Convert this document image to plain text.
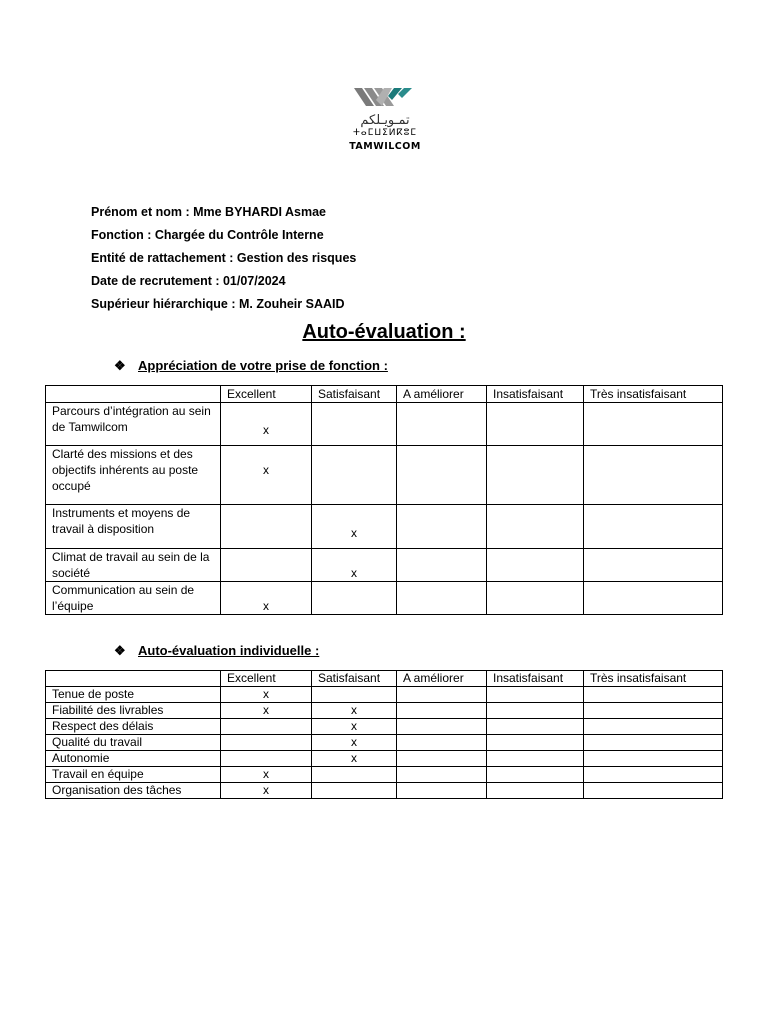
تمـويـلكم
ⵜⴰⵎⵡⵉⵍⴽⵓⵎ
TAMWILCOM
Prénom et nom : Mme BYHARDI Asmae
Fonction : Chargée du Contrôle Interne
Entité de rattachement : Gestion des risques
Date de recrutement : 01/07/2024
Supérieur hiérarchique : M. Zouheir SAAID
Auto-évaluation :
❖ Appréciation de votre prise de fonction :
	Excellent	Satisfaisant	A améliorer	Insatisfaisant	Très insatisfaisant
Parcours d’intégration au sein de Tamwilcom	x				
Clarté des missions et des objectifs inhérents au poste occupé	x				
Instruments et moyens de travail à disposition		x			
Climat de travail au sein de la société		x			
Communication au sein de l’équipe	x				
❖ Auto-évaluation individuelle :
	Excellent	Satisfaisant	A améliorer	Insatisfaisant	Très insatisfaisant
Tenue de poste	x				
Fiabilité des livrables	x	x			
Respect des délais		x			
Qualité du travail		x			
Autonomie		x			
Travail en équipe	x				
Organisation des tâches	x				
